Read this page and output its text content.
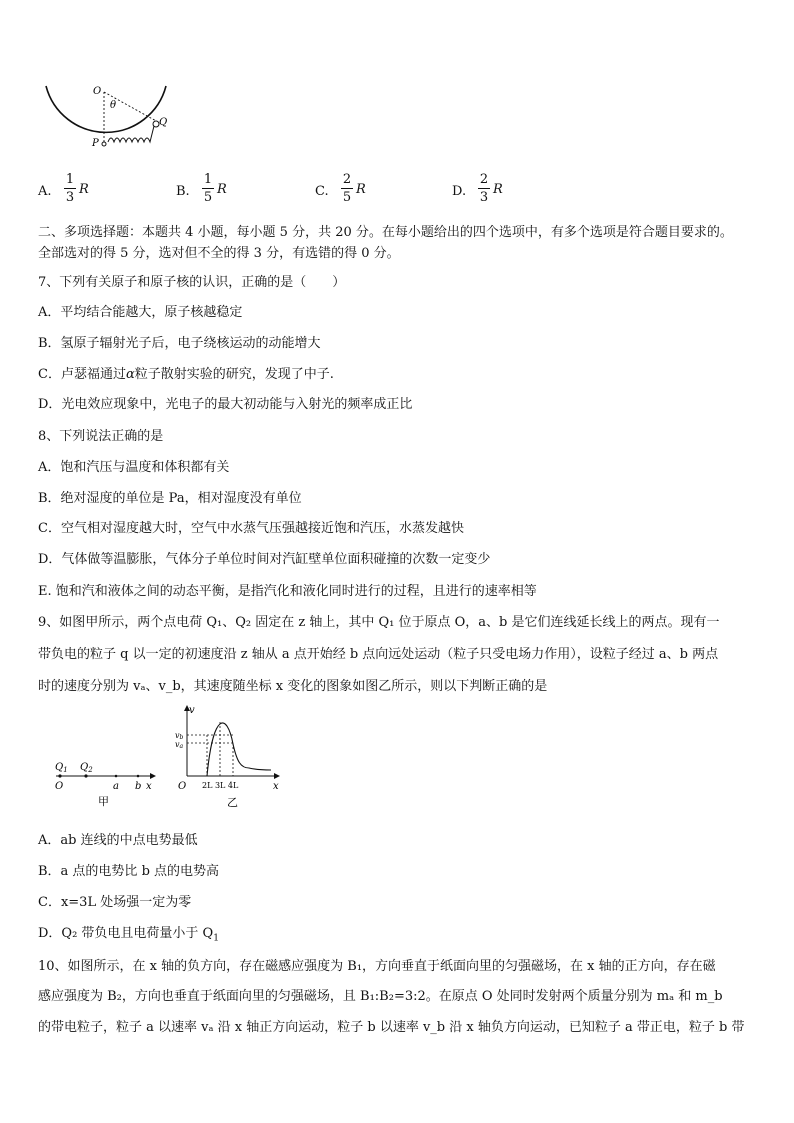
O
θ
P
Q
A.
1
3
R	B.
1
5
R	C.
2
5
R	D.
2
3
R
二、多项选择题：本题共 4 小题，每小题 5 分，共 20 分。在每小题给出的四个选项中，有多个选项是符合题目要求的。
全部选对的得 5 分，选对但不全的得 3 分，有选错的得 0 分。
7、下列有关原子和原子核的认识，正确的是（　　）
A．平均结合能越大，原子核越稳定
B．氢原子辐射光子后，电子绕核运动的动能增大
C．卢瑟福通过α粒子散射实验的研究，发现了中子.
D．光电效应现象中，光电子的最大初动能与入射光的频率成正比
8、下列说法正确的是
A．饱和汽压与温度和体积都有关
B．绝对湿度的单位是 Pa，相对湿度没有单位
C．空气相对湿度越大时，空气中水蒸气压强越接近饱和汽压，水蒸发越快
D．气体做等温膨胀，气体分子单位时间对汽缸壁单位面积碰撞的次数一定变少
E. 饱和汽和液体之间的动态平衡，是指汽化和液化同时进行的过程，且进行的速率相等
9、如图甲所示，两个点电荷 Q₁、Q₂ 固定在 z 轴上，其中 Q₁ 位于原点 O，a、b 是它们连线延长线上的两点。现有一
带负电的粒子 q 以一定的初速度沿 z 轴从 a 点开始经 b 点向远处运动（粒子只受电场力作用），设粒子经过 a、b 两点
时的速度分别为 vₐ、v_b，其速度随坐标 x 变化的图象如图乙所示，则以下判断正确的是
$Q_1$ $Q_2$
O	a b x
甲
v
vb
va
O 2L 3L 4L	x
乙
A．ab 连线的中点电势最低
B．a 点的电势比 b 点的电势高
C．x=3L 处场强一定为零
D．Q₂ 带负电且电荷量小于 $Q_1$
10、如图所示，在 x 轴的负方向，存在磁感应强度为 B₁，方向垂直于纸面向里的匀强磁场，在 x 轴的正方向，存在磁
感应强度为 B₂，方向也垂直于纸面向里的匀强磁场，且 B₁:B₂=3:2。在原点 O 处同时发射两个质量分别为 mₐ 和 m_b
的带电粒子，粒子 a 以速率 vₐ 沿 x 轴正方向运动，粒子 b 以速率 v_b 沿 x 轴负方向运动，已知粒子 a 带正电，粒子 b 带
